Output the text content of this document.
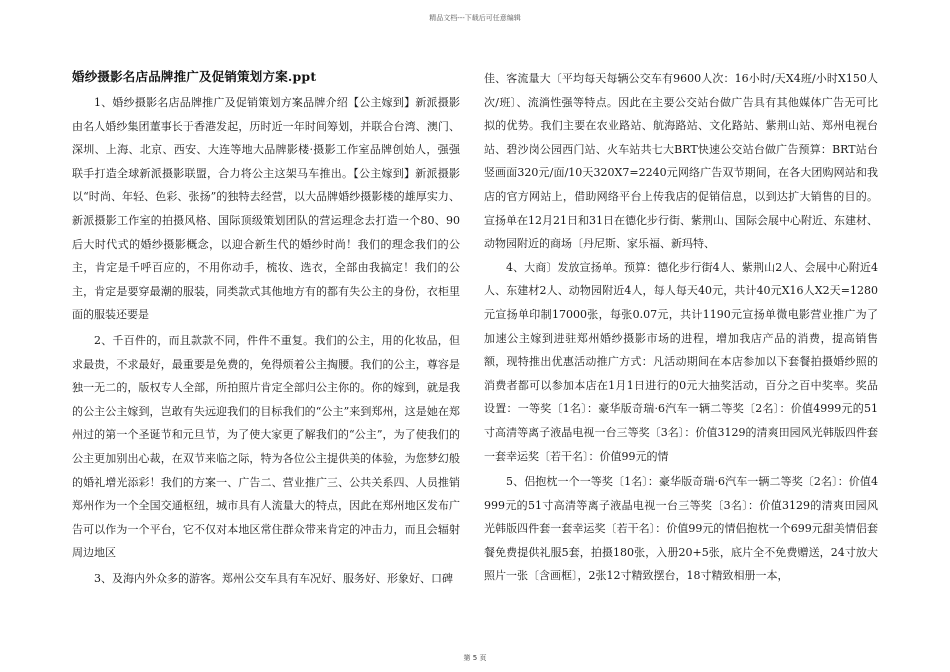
精品文档---下载后可任意编辑
婚纱摄影名店品牌推广及促销策划方案.ppt

1、婚纱摄影名店品牌推广及促销策划方案品牌介绍【公主嫁到】新派摄影由名人婚纱集团董事长于香港发起，历时近一年时间筹划，并联合台湾、澳门、深圳、上海、北京、西安、大连等地大品牌影楼·摄影工作室品牌创始人，强强联手打造全球新派摄影联盟，合力将公主这架马车推出。【公主嫁到】新派摄影以“时尚、年轻、色彩、张扬”的独特去经营，以大品牌婚纱摄影楼的雄厚实力、新派摄影工作室的拍摄风格、国际顶级策划团队的营运理念去打造一个80、90后大时代式的婚纱摄影概念，以迎合新生代的婚纱时尚！我们的理念我们的公主，肯定是千呼百应的，不用你动手，梳妆、选衣，全部由我搞定！我们的公主，肯定是要穿最潮的服装，同类款式其他地方有的都有失公主的身份，衣柜里面的服装还要是

2、千百件的，而且款款不同，件件不重复。我们的公主，用的化妆品，但求最贵，不求最好，最重要是免费的，免得烦着公主掏腰。我们的公主，尊容是独一无二的，版权专人全部，所拍照片肯定全部归公主你的。你的嫁到，就是我的公主公主嫁到，岂敢有失远迎我们的目标我们的“公主”来到郑州，这是她在郑州过的第一个圣诞节和元旦节，为了使大家更了解我们的“公主”，为了使我们的公主更加别出心裁，在双节来临之际，特为各位公主提供美的体验，为您梦幻般的婚礼增光添彩！我们的方案一、广告二、营业推广三、公共关系四、人员推销郑州作为一个全国交通枢纽，城市具有人流量大的特点，因此在郑州地区发布广告可以作为一个平台，它不仅对本地区常住群众带来肯定的冲击力，而且会辐射周边地区

3、及海内外众多的游客。郑州公交车具有车况好、服务好、形象好、口碑

佳、客流量大〔平均每天每辆公交车有9600人次：16小时/天X4班/小时X150人次/班〕、流淌性强等特点。因此在主要公交站台做广告具有其他媒体广告无可比拟的优势。我们主要在农业路站、航海路站、文化路站、紫荆山站、郑州电视台站、碧沙岗公园西门站、火车站共七大BRT快速公交站台做广告预算：BRT站台竖画面320元/面/10天320X7=2240元网络广告双节期间，在各大团购网站和我店的官方网站上，借助网络平台上传我店的促销信息，以到达扩大销售的目的。宣扬单在12月21日和31日在德化步行街、紫荆山、国际会展中心附近、东建材、动物园附近的商场〔丹尼斯、家乐福、新玛特、

4、大商〕发放宣扬单。预算：德化步行街4人、紫荆山2人、会展中心附近4人、东建材2人、动物园附近4人，每人每天40元，共计40元X16人X2天=1280元宣扬单印制17000张，每张0.07元，共计1190元宣扬单微电影营业推广为了加速公主嫁到进驻郑州婚纱摄影市场的进程，增加我店产品的消费，提高销售额，现特推出优惠活动推广方式：凡活动期间在本店参加以下套餐拍摄婚纱照的消费者都可以参加本店在1月1日进行的0元大抽奖活动，百分之百中奖率。奖品设置：一等奖〔1名〕：豪华版奇瑞·6汽车一辆二等奖〔2名〕：价值4999元的51寸高清等离子液晶电视一台三等奖〔3名〕：价值3129的清爽田园风光韩版四件套一套幸运奖〔若干名〕：价值99元的情

5、侣抱枕一个一等奖〔1名〕：豪华版奇瑞·6汽车一辆二等奖〔2名〕：价值4999元的51寸高清等离子液晶电视一台三等奖〔3名〕：价值3129的清爽田园风光韩版四件套一套幸运奖〔若干名〕：价值99元的情侣抱枕一个699元甜美情侣套餐免费提供礼服5套，拍摄180张，入册20+5张，底片全不免费赠送，24寸放大照片一张〔含画框〕，2张12寸精致摆台，18寸精致相册一本，

第 5 页
